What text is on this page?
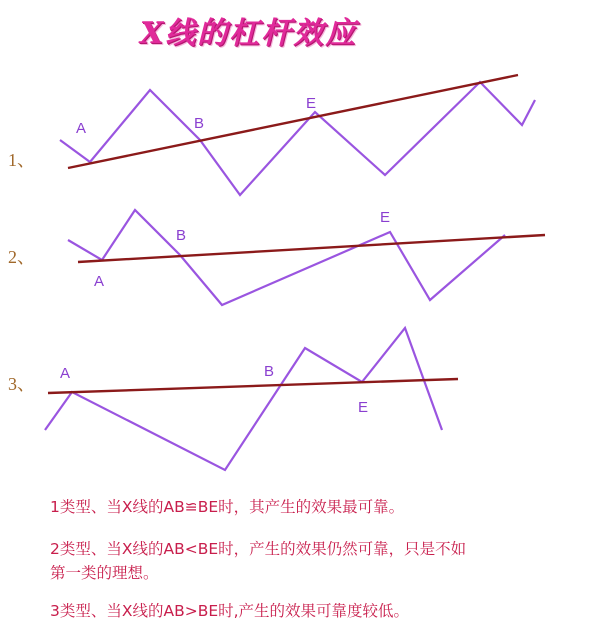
X线的杠杆效应
A	B
E
A
B
E
A	B
E
1、
2、
3、
1类型、当X线的AB≌BE时，其产生的效果最可靠。
2类型、当X线的AB<BE时，产生的效果仍然可靠，只是不如
第一类的理想。
3类型、当X线的AB>BE时,产生的效果可靠度较低。
